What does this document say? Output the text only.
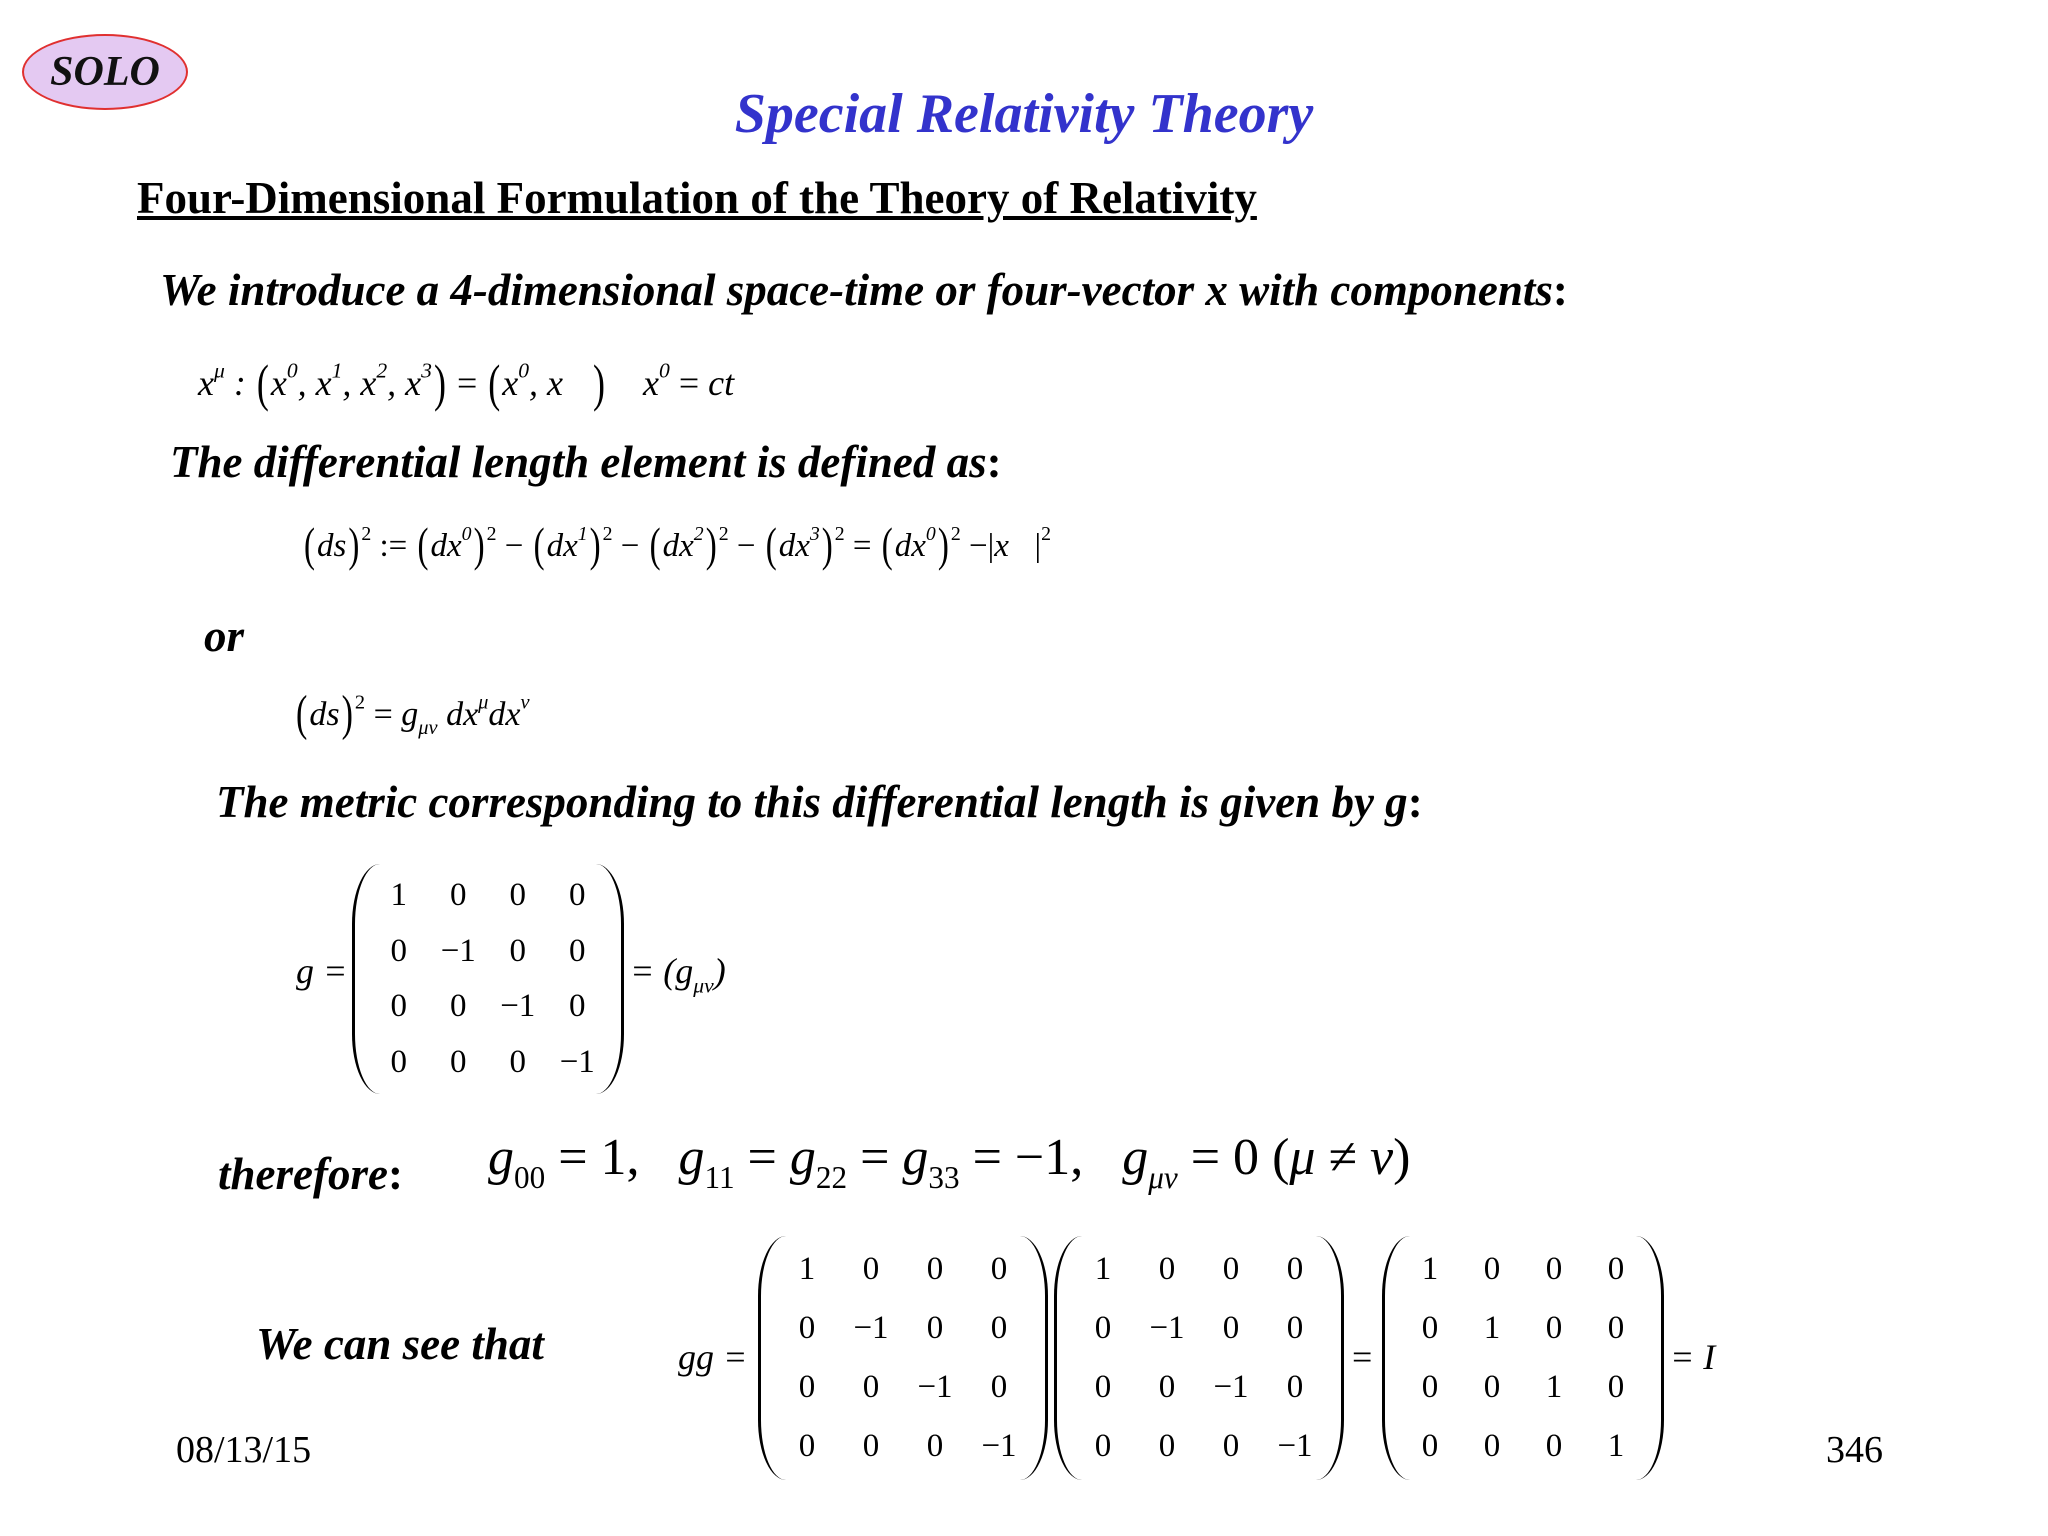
SOLO
Special Relativity Theory
Four-Dimensional Formulation of the Theory of Relativity
We introduce a 4-dimensional space-time or four-vector x with components:
$x^\mu$ : ($x^0$, $x^1$, $x^2$, $x^3) = (x^0$, x⃗)    $x^0$ = ct
The differential length element is defined as:
(ds) $^2$ := $(dx^0) ^2 - (dx^1) ^2 - (dx^2) ^2 - (dx^3) ^2 = (dx^0)$ $^2 -|x⃗|^2$
or
$(ds)^2 = g_{\mu\nu}$ $dx^\mu dx^\nu$
The metric corresponding to this differential length is given by g:
g =
1 0 0 0
0 −1 0 0
0 0 −1 0
0 0 0 −1
= $(g_{\mu\nu})$
therefore: $g_{00} = 1$,   $g_{11} = g_{22} = g_{33} = -1$,   $g_{\mu\nu} = 0$ (μ ≠ ν)
We can see that	gg =
1 0 0 0
0 −1 0 0
0 0 −1 0
0 0 0 −1
1 0 0 0
0 −1 0 0
0 0 −1 0
0 0 0 −1
=
1 0 0 0
0 1 0 0
0 0 1 0
0 0 0 1
= I
08/13/15	346
